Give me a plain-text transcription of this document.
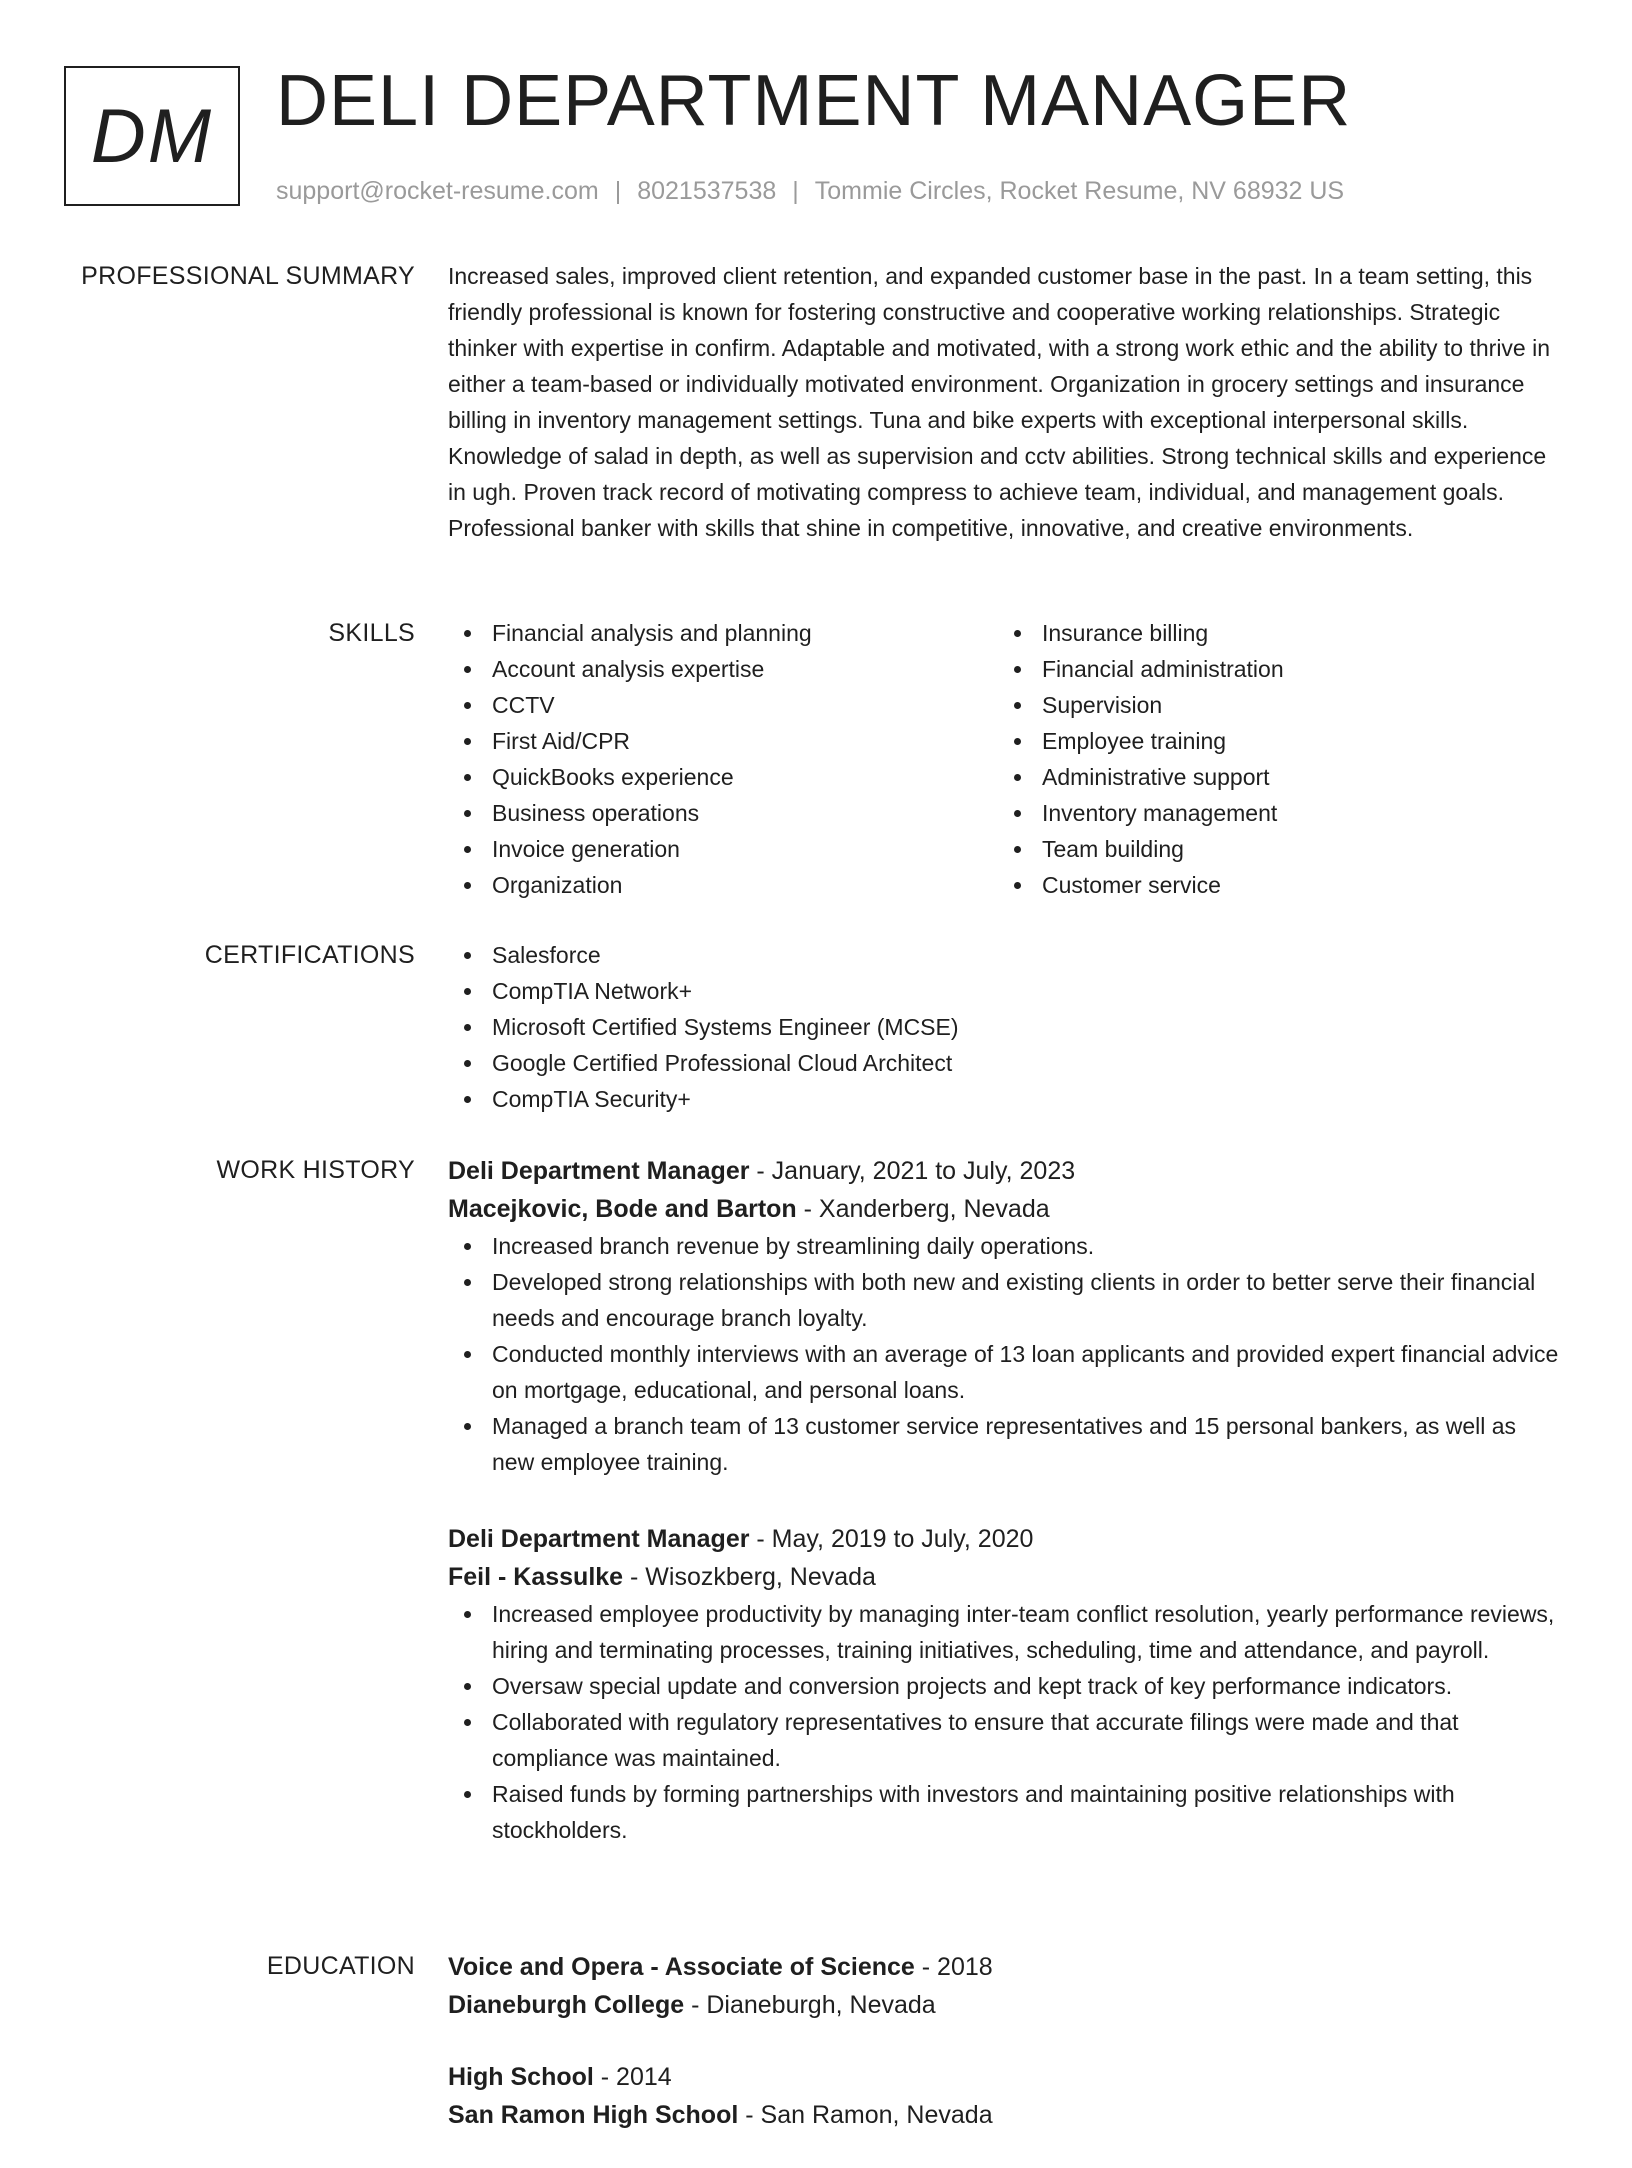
DM DELI DEPARTMENT MANAGER
support@rocket-resume.com | 8021537538 | Tommie Circles, Rocket Resume, NV 68932 US
PROFESSIONAL SUMMARY Increased sales, improved client retention, and expanded customer base in the past. In a team setting, this friendly professional is known for fostering constructive and cooperative working relationships. Strategic thinker with expertise in confirm. Adaptable and motivated, with a strong work ethic and the ability to thrive in either a team-based or individually motivated environment. Organization in grocery settings and insurance billing in inventory management settings. Tuna and bike experts with exceptional interpersonal skills. Knowledge of salad in depth, as well as supervision and cctv abilities. Strong technical skills and experience in ugh. Proven track record of motivating compress to achieve team, individual, and management goals. Professional banker with skills that shine in competitive, innovative, and creative environments.

SKILLS	Financial analysis and planning
Account analysis expertise
CCTV
First Aid/CPR
QuickBooks experience
Business operations
Invoice generation
Organization
Insurance billing
Financial administration
Supervision
Employee training
Administrative support
Inventory management
Team building
Customer service
CERTIFICATIONS	Salesforce
CompTIA Network+
Microsoft Certified Systems Engineer (MCSE)
Google Certified Professional Cloud Architect
CompTIA Security+
WORK HISTORY Deli Department Manager - January, 2021 to July, 2023
Macejkovic, Bode and Barton - Xanderberg, Nevada
Increased branch revenue by streamlining daily operations.
Developed strong relationships with both new and existing clients in order to better serve their financial needs and encourage branch loyalty.
Conducted monthly interviews with an average of 13 loan applicants and provided expert financial advice on mortgage, educational, and personal loans.
Managed a branch team of 13 customer service representatives and 15 personal bankers, as well as new employee training.
Deli Department Manager - May, 2019 to July, 2020
Feil - Kassulke - Wisozkberg, Nevada
Increased employee productivity by managing inter-team conflict resolution, yearly performance reviews, hiring and terminating processes, training initiatives, scheduling, time and attendance, and payroll.
Oversaw special update and conversion projects and kept track of key performance indicators.
Collaborated with regulatory representatives to ensure that accurate filings were made and that compliance was maintained.
Raised funds by forming partnerships with investors and maintaining positive relationships with stockholders.
EDUCATION Voice and Opera - Associate of Science - 2018
Dianeburgh College - Dianeburgh, Nevada
High School - 2014
San Ramon High School - San Ramon, Nevada
